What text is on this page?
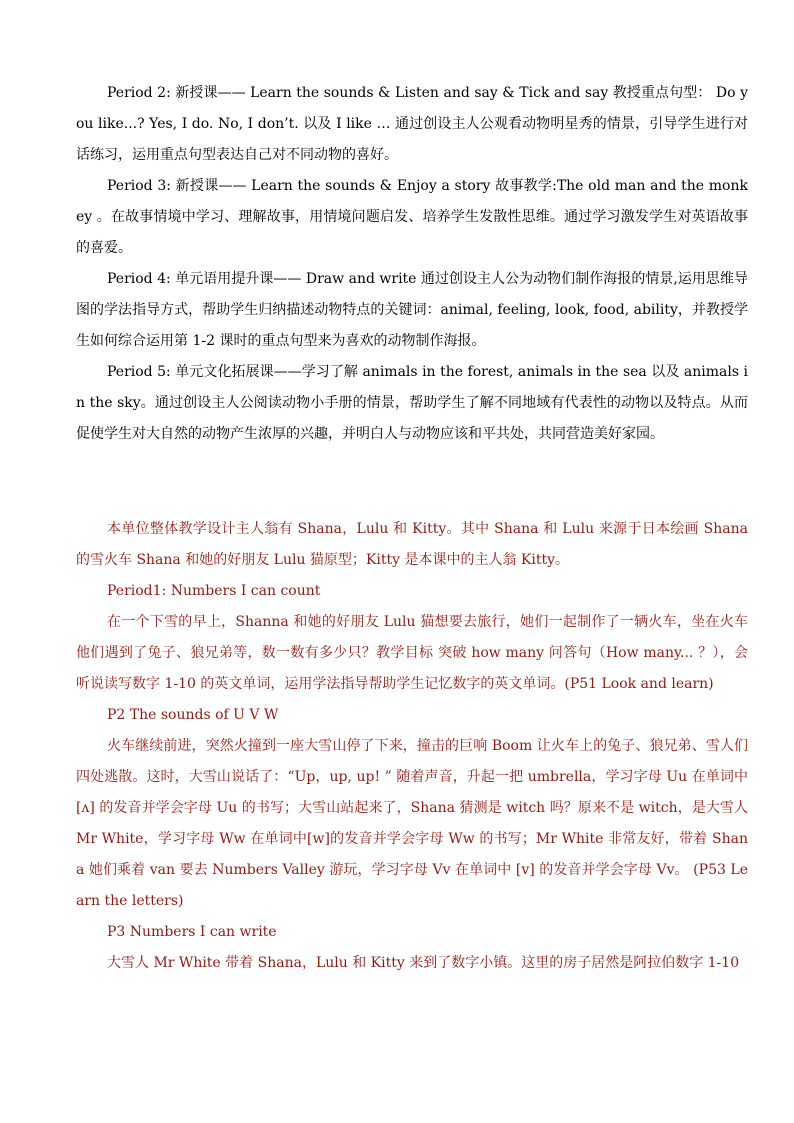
Period 2: 新授课—— Learn the sounds & Listen and say & Tick and say 教授重点句型： Do you like...? Yes, I do. No, I don’t. 以及 I like … 通过创设主人公观看动物明星秀的情景，引导学生进行对话练习，运用重点句型表达自己对不同动物的喜好。

Period 3: 新授课—— Learn the sounds & Enjoy a story 故事教学:The old man and the monkey 。在故事情境中学习、理解故事，用情境问题启发、培养学生发散性思维。通过学习激发学生对英语故事的喜爱。

Period 4: 单元语用提升课—— Draw and write 通过创设主人公为动物们制作海报的情景,运用思维导图的学法指导方式，帮助学生归纳描述动物特点的关键词：animal, feeling, look, food, ability，并教授学生如何综合运用第 1-2 课时的重点句型来为喜欢的动物制作海报。

Period 5: 单元文化拓展课——学习了解 animals in the forest, animals in the sea 以及 animals in the sky。通过创设主人公阅读动物小手册的情景，帮助学生了解不同地域有代表性的动物以及特点。从而促使学生对大自然的动物产生浓厚的兴趣，并明白人与动物应该和平共处，共同营造美好家园。

本单位整体教学设计主人翁有 Shana，Lulu 和 Kitty。其中 Shana 和 Lulu 来源于日本绘画 Shana 的雪火车 Shana 和她的好朋友 Lulu 猫原型；Kitty 是本课中的主人翁 Kitty。

Period1: Numbers I can count

在一个下雪的早上，Shanna 和她的好朋友 Lulu 猫想要去旅行，她们一起制作了一辆火车，坐在火车他们遇到了兔子、狼兄弟等，数一数有多少只？教学目标 突破 how many 问答句（How many... ？），会听说读写数字 1-10 的英文单词，运用学法指导帮助学生记忆数字的英文单词。(P51 Look and learn)

P2 The sounds of U V W

火车继续前进，突然火撞到一座大雪山停了下来，撞击的巨响 Boom 让火车上的兔子、狼兄弟、雪人们四处逃散。这时，大雪山说话了：“Up，up, up! ” 随着声音，升起一把 umbrella，学习字母 Uu 在单词中 [ʌ] 的发音并学会字母 Uu 的书写；大雪山站起来了，Shana 猜测是 witch 吗？原来不是 witch，是大雪人 Mr White，学习字母 Ww 在单词中[w]的发音并学会字母 Ww 的书写；Mr White 非常友好，带着 Shana 她们乘着 van 要去 Numbers Valley 游玩，学习字母 Vv 在单词中 [v] 的发音并学会字母 Vv。 (P53 Learn the letters)

P3 Numbers I can write

大雪人 Mr White 带着 Shana，Lulu 和 Kitty 来到了数字小镇。这里的房子居然是阿拉伯数字 1-10
